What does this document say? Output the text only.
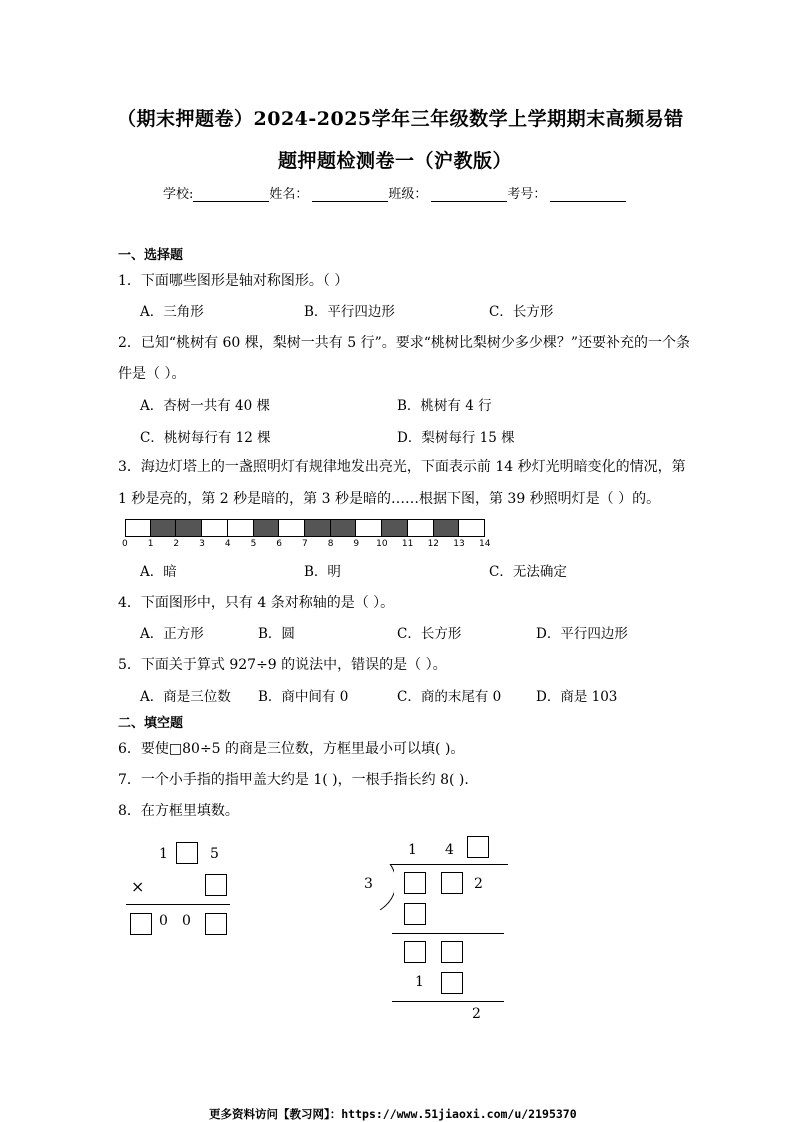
（期末押题卷）2024-2025学年三年级数学上学期期末高频易错
题押题检测卷一（沪教版）
学校:	姓名：	班级：	考号：
一、选择题
1．下面哪些图形是轴对称图形。（ ）
A．三角形	B．平行四边形	C．长方形
2．已知“桃树有 60 棵，梨树一共有 5 行”。要求“桃树比梨树少多少棵？”还要补充的一个条
件是（ ）。
A．杏树一共有 40 棵	B．桃树有 4 行
C．桃树每行有 12 棵	D．梨树每行 15 棵
3．海边灯塔上的一盏照明灯有规律地发出亮光，下面表示前 14 秒灯光明暗变化的情况，第
1 秒是亮的，第 2 秒是暗的，第 3 秒是暗的……根据下图，第 39 秒照明灯是（ ）的。
0 1 2 3 4 5 6 7 8 9 10 11 12 13 14
A．暗	B．明	C．无法确定
4．下面图形中，只有 4 条对称轴的是（ ）。
A．正方形	B．圆	C．长方形	D．平行四边形
5．下面关于算式 927÷9 的说法中，错误的是（ ）。
A．商是三位数 B．商中间有 0	C．商的末尾有 0	D．商是 103
二、填空题
6．要使□80÷5 的商是三位数，方框里最小可以填( )。
7．一个小手指的指甲盖大约是 1( )，一根手指长约 8( ).
8．在方框里填数。
1	5
×
0 0
1 4
3	2
1
2
更多资料访问【教习网】：https://www.51jiaoxi.com/u/2195370
